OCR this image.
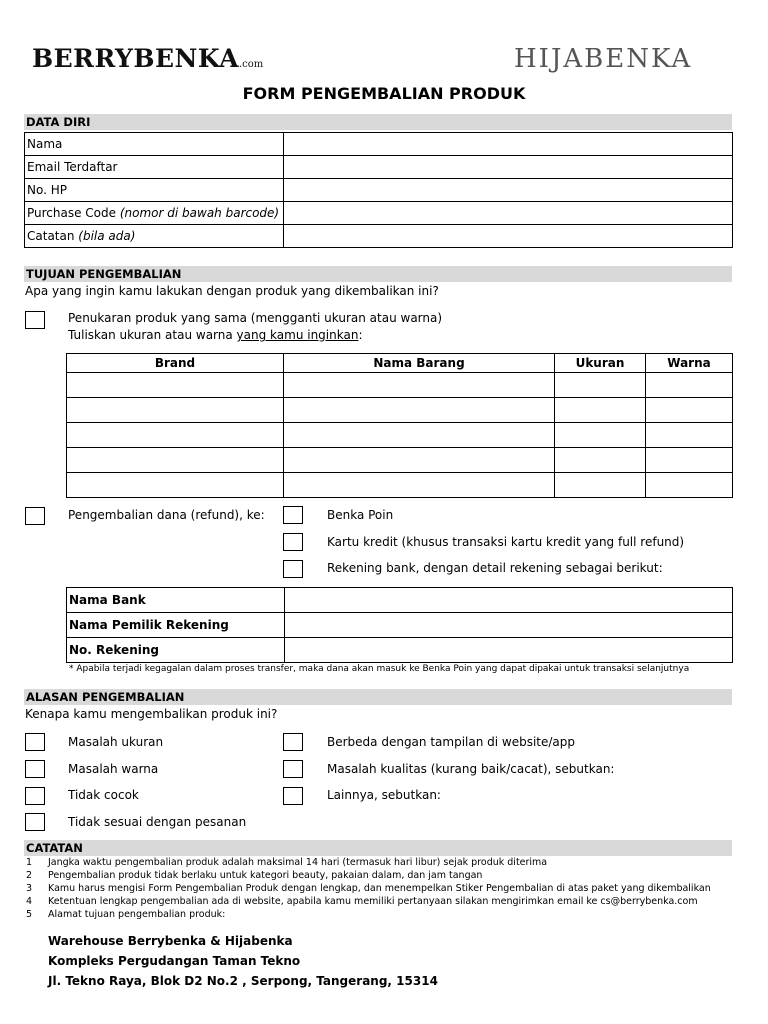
BERRYBENKA.com	HIJABENKA
FORM PENGEMBALIAN PRODUK
DATA DIRI
Nama	
Email Terdaftar	
No. HP	
Purchase Code (nomor di bawah barcode)	
Catatan (bila ada)	
TUJUAN PENGEMBALIAN
Apa yang ingin kamu lakukan dengan produk yang dikembalikan ini?
Penukaran produk yang sama (mengganti ukuran atau warna)
Tuliskan ukuran atau warna yang kamu inginkan:
Brand	Nama Barang	Ukuran	Warna

Pengembalian dana (refund), ke:	Benka Poin
Kartu kredit (khusus transaksi kartu kredit yang full refund)
Rekening bank, dengan detail rekening sebagai berikut:
Nama Bank	
Nama Pemilik Rekening	
No. Rekening	
* Apabila terjadi kegagalan dalam proses transfer, maka dana akan masuk ke Benka Poin yang dapat dipakai untuk transaksi selanjutnya
ALASAN PENGEMBALIAN
Kenapa kamu mengembalikan produk ini?
Masalah ukuran
Masalah warna
Tidak cocok
Tidak sesuai dengan pesanan
Berbeda dengan tampilan di website/app
Masalah kualitas (kurang baik/cacat), sebutkan:
Lainnya, sebutkan:
CATATAN
1 Jangka waktu pengembalian produk adalah maksimal 14 hari (termasuk hari libur) sejak produk diterima
2 Pengembalian produk tidak berlaku untuk kategori beauty, pakaian dalam, dan jam tangan
3 Kamu harus mengisi Form Pengembalian Produk dengan lengkap, dan menempelkan Stiker Pengembalian di atas paket yang dikembalikan
4 Ketentuan lengkap pengembalian ada di website, apabila kamu memiliki pertanyaan silakan mengirimkan email ke cs@berrybenka.com
5 Alamat tujuan pengembalian produk:
Warehouse Berrybenka & Hijabenka
Kompleks Pergudangan Taman Tekno
Jl. Tekno Raya, Blok D2 No.2 , Serpong, Tangerang, 15314
